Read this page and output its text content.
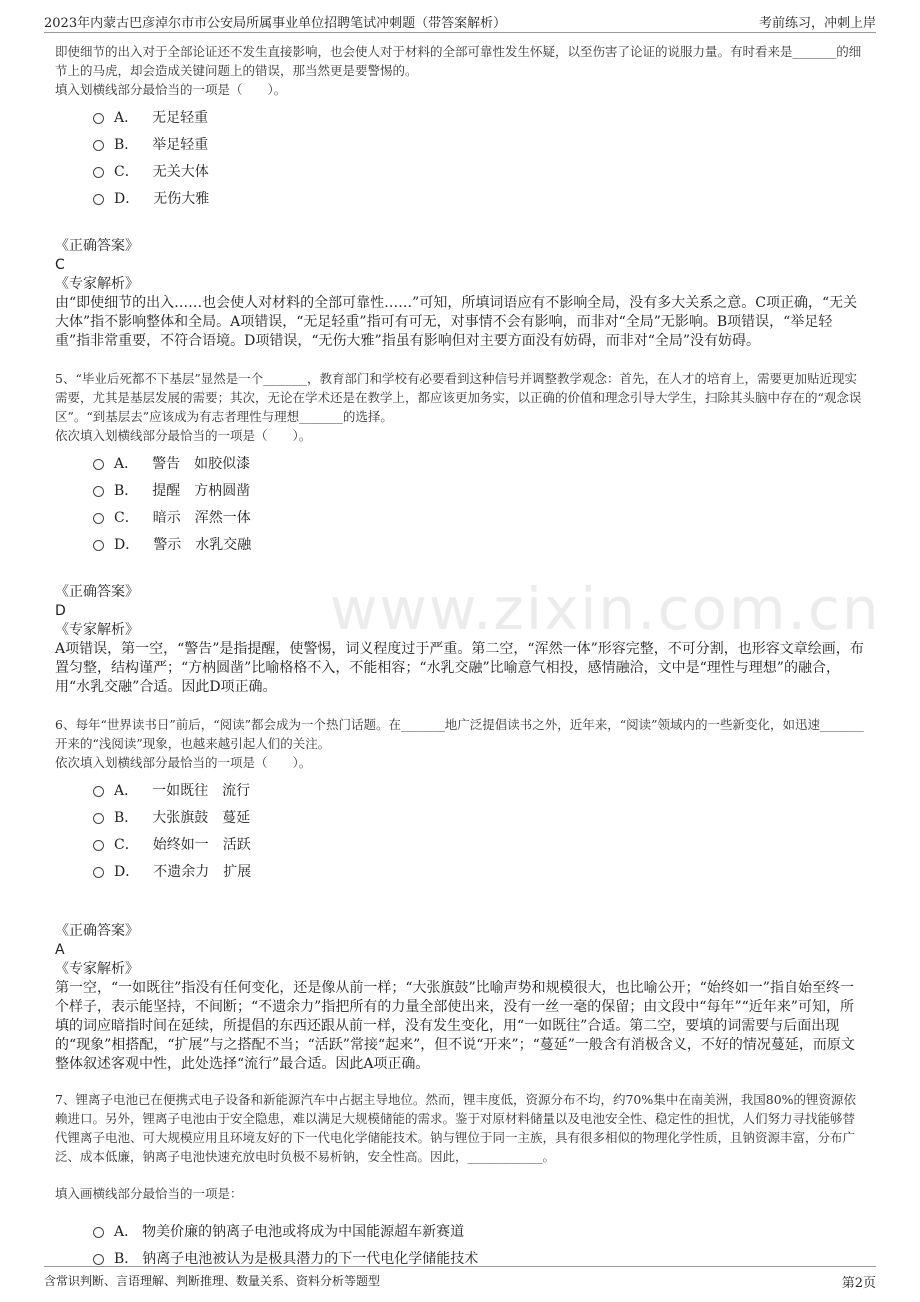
2023年内蒙古巴彦淖尔市市公安局所属事业单位招聘笔试冲刺题（带答案解析）	考前练习，冲刺上岸
www.zixin.com.cn

即使细节的出入对于全部论证还不发生直接影响，也会使人对于材料的全部可靠性发生怀疑，以至伤害了论证的说服力量。有时看来是_______的细节上的马虎，却会造成关键问题上的错误，那当然更是要警惕的。

填入划横线部分最恰当的一项是（　　）。

A． 无足轻重
B． 举足轻重
C． 无关大体
D． 无伤大雅

《正确答案》

C

《专家解析》

由“即使细节的出入……也会使人对材料的全部可靠性……”可知，所填词语应有不影响全局，没有多大关系之意。C项正确，“无关大体”指不影响整体和全局。A项错误，“无足轻重”指可有可无，对事情不会有影响，而非对“全局”无影响。B项错误，“举足轻重”指非常重要，不符合语境。D项错误，“无伤大雅”指虽有影响但对主要方面没有妨碍，而非对“全局”没有妨碍。

5、“毕业后死都不下基层”显然是一个_______，教育部门和学校有必要看到这种信号并调整教学观念：首先，在人才的培育上，需要更加贴近现实需要，尤其是基层发展的需要；其次，无论在学术还是在教学上，都应该更加务实，以正确的价值和理念引导大学生，扫除其头脑中存在的“观念误区”。“到基层去”应该成为有志者理性与理想_______的选择。

依次填入划横线部分最恰当的一项是（　　）。

A． 警告　如胶似漆
B． 提醒　方枘圆凿
C． 暗示　浑然一体
D． 警示　水乳交融

《正确答案》

D

《专家解析》

A项错误，第一空，“警告”是指提醒，使警惕，词义程度过于严重。第二空，“浑然一体”形容完整，不可分割，也形容文章绘画，布置匀整，结构谨严；“方枘圆凿”比喻格格不入，不能相容；“水乳交融”比喻意气相投，感情融洽，文中是“理性与理想”的融合，用“水乳交融”合适。因此D项正确。

6、每年“世界读书日”前后，“阅读”都会成为一个热门话题。在_______地广泛提倡读书之外，近年来，“阅读”领域内的一些新变化，如迅速_______开来的“浅阅读”现象，也越来越引起人们的关注。

依次填入划横线部分最恰当的一项是（　　）。

A． 一如既往　流行
B． 大张旗鼓　蔓延
C． 始终如一　活跃
D． 不遗余力　扩展

《正确答案》

A

《专家解析》

第一空，“一如既往”指没有任何变化，还是像从前一样；“大张旗鼓”比喻声势和规模很大，也比喻公开；“始终如一”指自始至终一个样子，表示能坚持，不间断；“不遗余力”指把所有的力量全部使出来，没有一丝一毫的保留；由文段中“每年”“近年来”可知，所填的词应暗指时间在延续，所提倡的东西还跟从前一样，没有发生变化，用“一如既往”合适。第二空，要填的词需要与后面出现的“现象”相搭配，“扩展”与之搭配不当；“活跃”常接“起来”，但不说“开来”；“蔓延”一般含有消极含义，不好的情况蔓延，而原文整体叙述客观中性，此处选择“流行”最合适。因此A项正确。

7、锂离子电池已在便携式电子设备和新能源汽车中占据主导地位。然而，锂丰度低，资源分布不均，约70%集中在南美洲，我国80%的锂资源依赖进口。另外，锂离子电池由于安全隐患，难以满足大规模储能的需求。鉴于对原材料储量以及电池安全性、稳定性的担忧，人们努力寻找能够替代锂离子电池、可大规模应用且环境友好的下一代电化学储能技术。钠与锂位于同一主族，具有很多相似的物理化学性质，且钠资源丰富，分布广泛、成本低廉，钠离子电池快速充放电时负极不易析钠，安全性高。因此，____________。

填入画横线部分最恰当的一项是：

A． 物美价廉的钠离子电池或将成为中国能源超车新赛道
B． 钠离子电池被认为是极具潜力的下一代电化学储能技术
含常识判断、言语理解、判断推理、数量关系、资料分析等题型	第2页
